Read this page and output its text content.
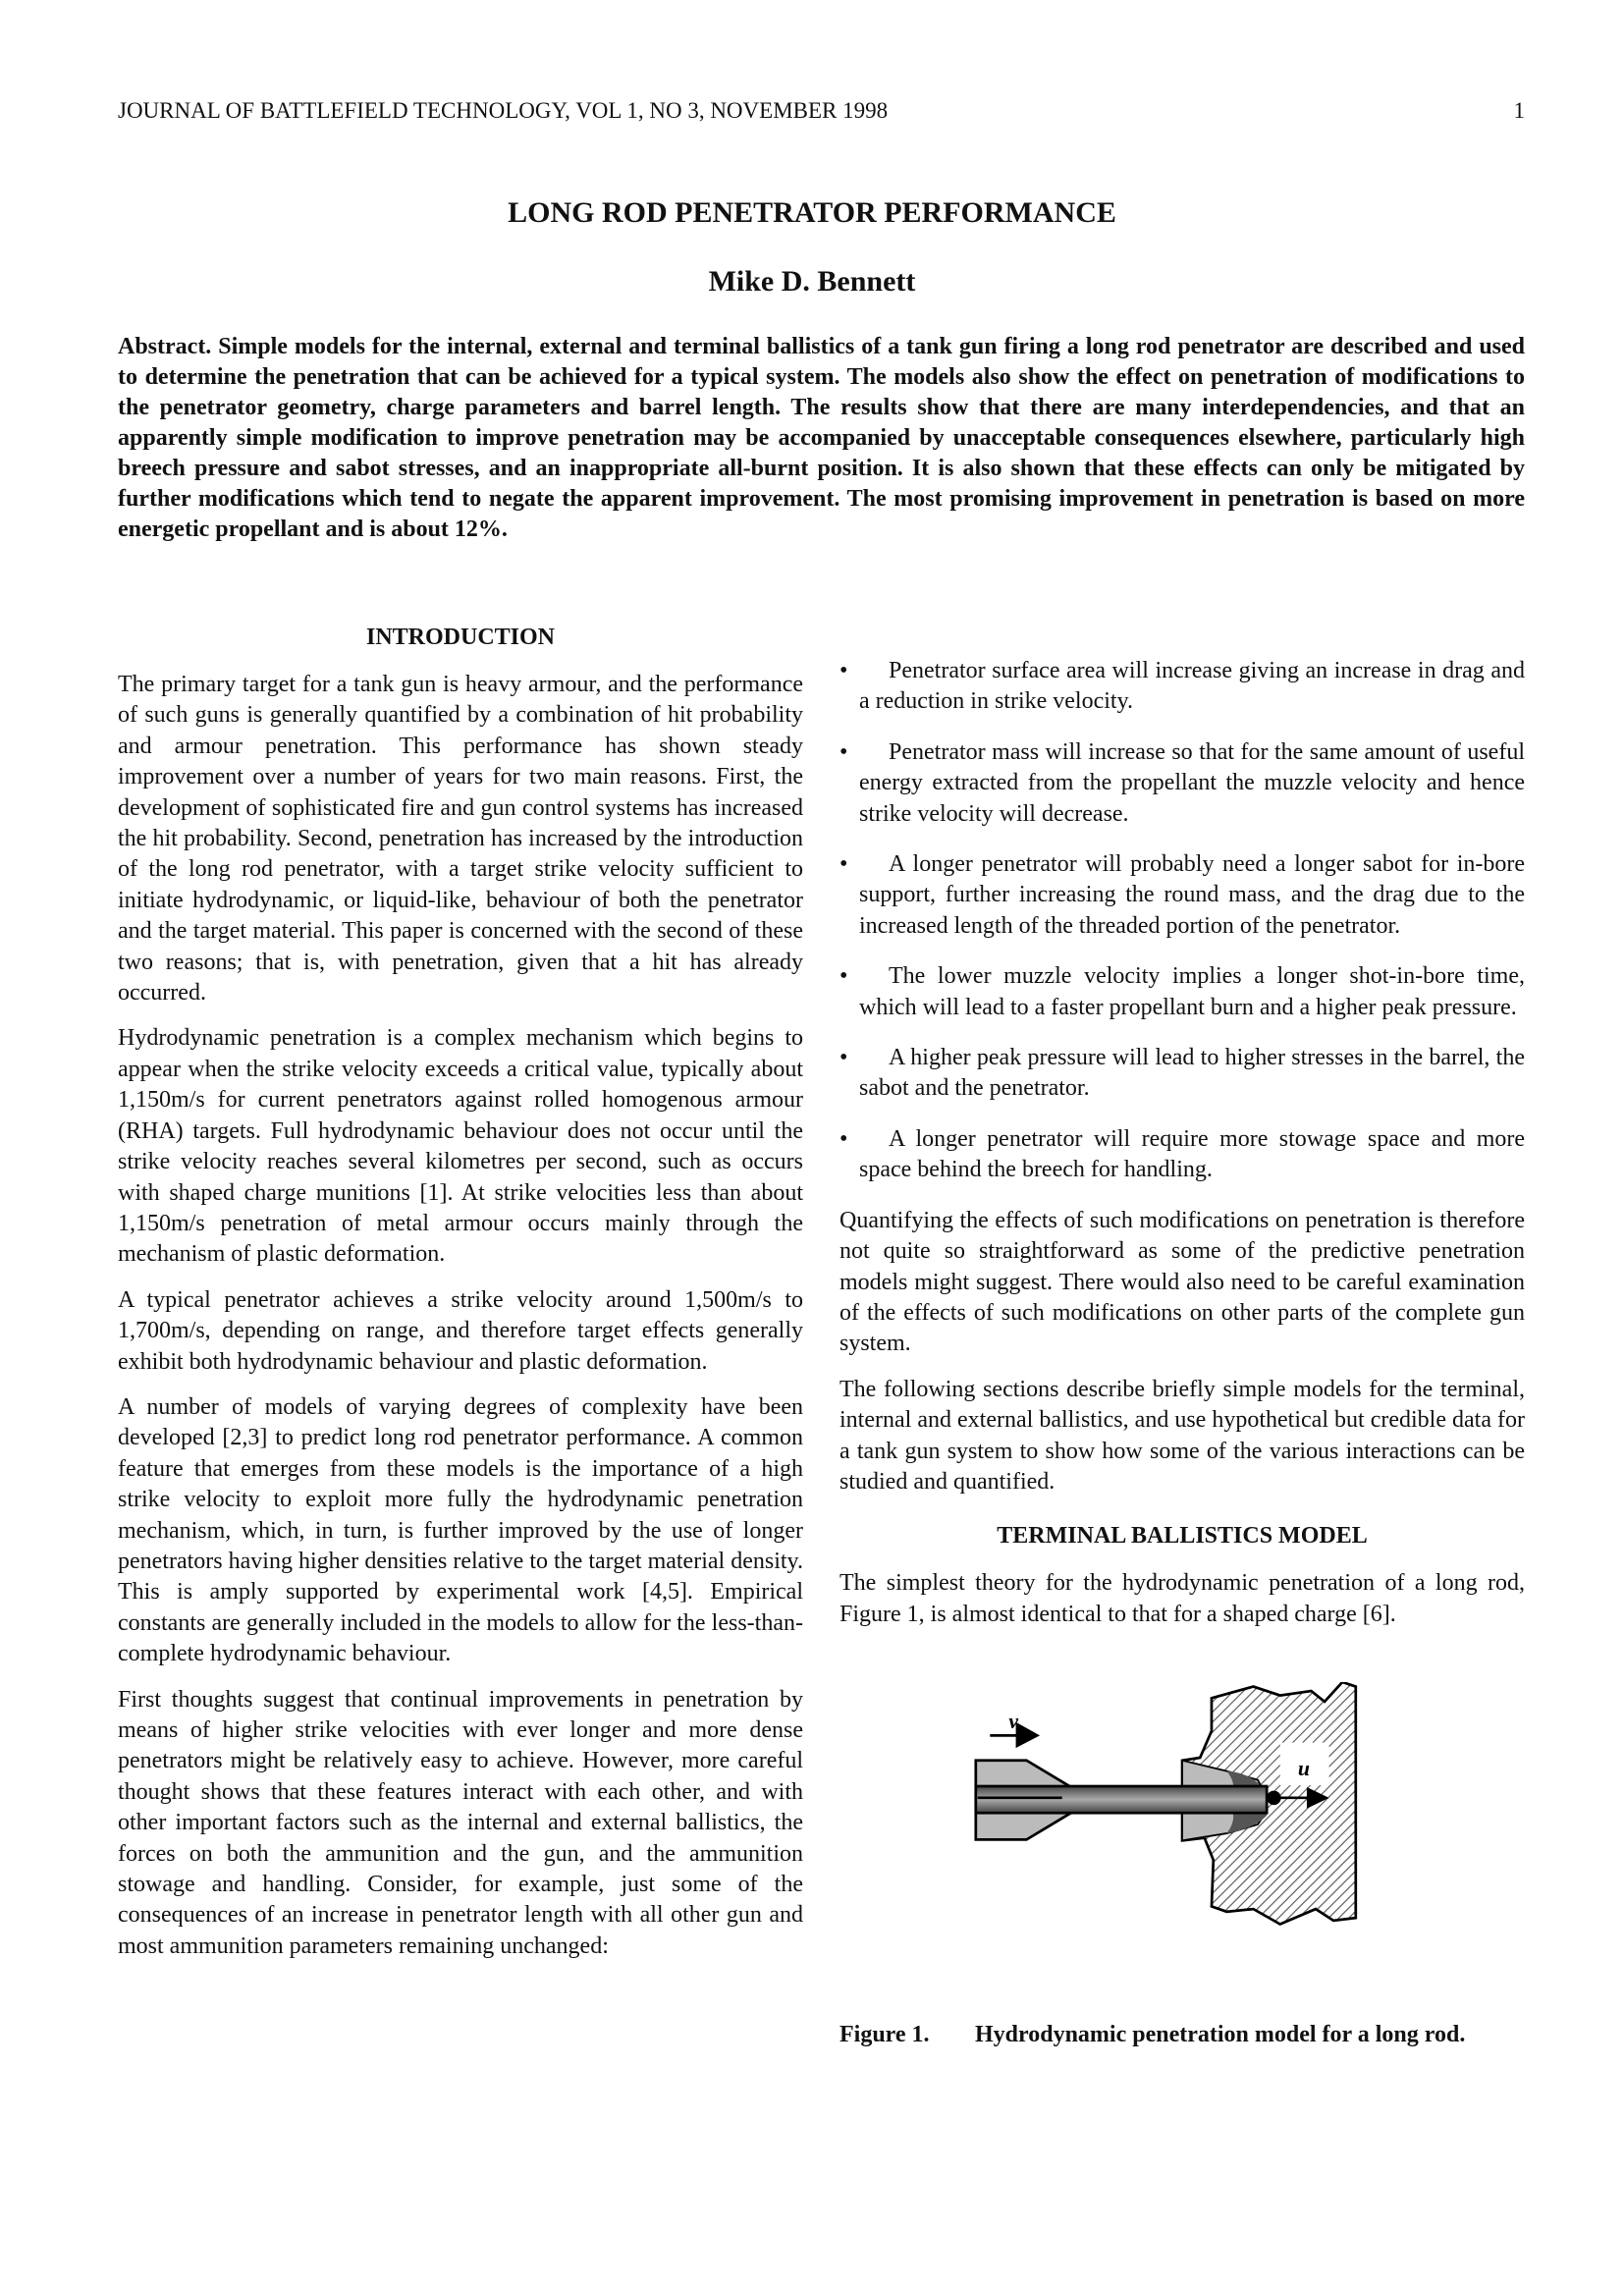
JOURNAL OF BATTLEFIELD TECHNOLOGY, VOL 1, NO 3, NOVEMBER 1998	1
LONG ROD PENETRATOR PERFORMANCE
Mike D. Bennett
Abstract. Simple models for the internal, external and terminal ballistics of a tank gun firing a long rod penetrator are described and used to determine the penetration that can be achieved for a typical system. The models also show the effect on penetration of modifications to the penetrator geometry, charge parameters and barrel length. The results show that there are many interdependencies, and that an apparently simple modification to improve penetration may be accompanied by unacceptable consequences elsewhere, particularly high breech pressure and sabot stresses, and an inappropriate all-burnt position. It is also shown that these effects can only be mitigated by further modifications which tend to negate the apparent improvement. The most promising improvement in penetration is based on more energetic propellant and is about 12%.
INTRODUCTION

The primary target for a tank gun is heavy armour, and the performance of such guns is generally quantified by a combination of hit probability and armour penetration. This performance has shown steady improvement over a number of years for two main reasons. First, the development of sophisticated fire and gun control systems has increased the hit probability. Second, penetration has increased by the introduction of the long rod penetrator, with a target strike velocity sufficient to initiate hydrodynamic, or liquid-like, behaviour of both the penetrator and the target material. This paper is concerned with the second of these two reasons; that is, with penetration, given that a hit has already occurred.

Hydrodynamic penetration is a complex mechanism which begins to appear when the strike velocity exceeds a critical value, typically about 1,150m/s for current penetrators against rolled homogenous armour (RHA) targets. Full hydrodynamic behaviour does not occur until the strike velocity reaches several kilometres per second, such as occurs with shaped charge munitions [1]. At strike velocities less than about 1,150m/s penetration of metal armour occurs mainly through the mechanism of plastic deformation.

A typical penetrator achieves a strike velocity around 1,500m/s to 1,700m/s, depending on range, and therefore target effects generally exhibit both hydrodynamic behaviour and plastic deformation.

A number of models of varying degrees of complexity have been developed [2,3] to predict long rod penetrator performance. A common feature that emerges from these models is the importance of a high strike velocity to exploit more fully the hydrodynamic penetration mechanism, which, in turn, is further improved by the use of longer penetrators having higher densities relative to the target material density. This is amply supported by experimental work [4,5]. Empirical constants are generally included in the models to allow for the less-than-complete hydrodynamic behaviour.

First thoughts suggest that continual improvements in penetration by means of higher strike velocities with ever longer and more dense penetrators might be relatively easy to achieve. However, more careful thought shows that these features interact with each other, and with other important factors such as the internal and external ballistics, the forces on both the ammunition and the gun, and the ammunition stowage and handling. Consider, for example, just some of the consequences of an increase in penetrator length with all other gun and most ammunition parameters remaining unchanged:

•	Penetrator surface area will increase giving an increase in drag and a reduction in strike velocity.
•	Penetrator mass will increase so that for the same amount of useful energy extracted from the propellant the muzzle velocity and hence strike velocity will decrease.
•	A longer penetrator will probably need a longer sabot for in-bore support, further increasing the round mass, and the drag due to the increased length of the threaded portion of the penetrator.
•	The lower muzzle velocity implies a longer shot-in-bore time, which will lead to a faster propellant burn and a higher peak pressure.
•	A higher peak pressure will lead to higher stresses in the barrel, the sabot and the penetrator.
•	A longer penetrator will require more stowage space and more space behind the breech for handling.

Quantifying the effects of such modifications on penetration is therefore not quite so straightforward as some of the predictive penetration models might suggest. There would also need to be careful examination of the effects of such modifications on other parts of the complete gun system.

The following sections describe briefly simple models for the terminal, internal and external ballistics, and use hypothetical but credible data for a tank gun system to show how some of the various interactions can be studied and quantified.

TERMINAL BALLISTICS MODEL

The simplest theory for the hydrodynamic penetration of a long rod, Figure 1, is almost identical to that for a shaped charge [6].

v
u
Figure 1.	Hydrodynamic penetration model for a long rod.
